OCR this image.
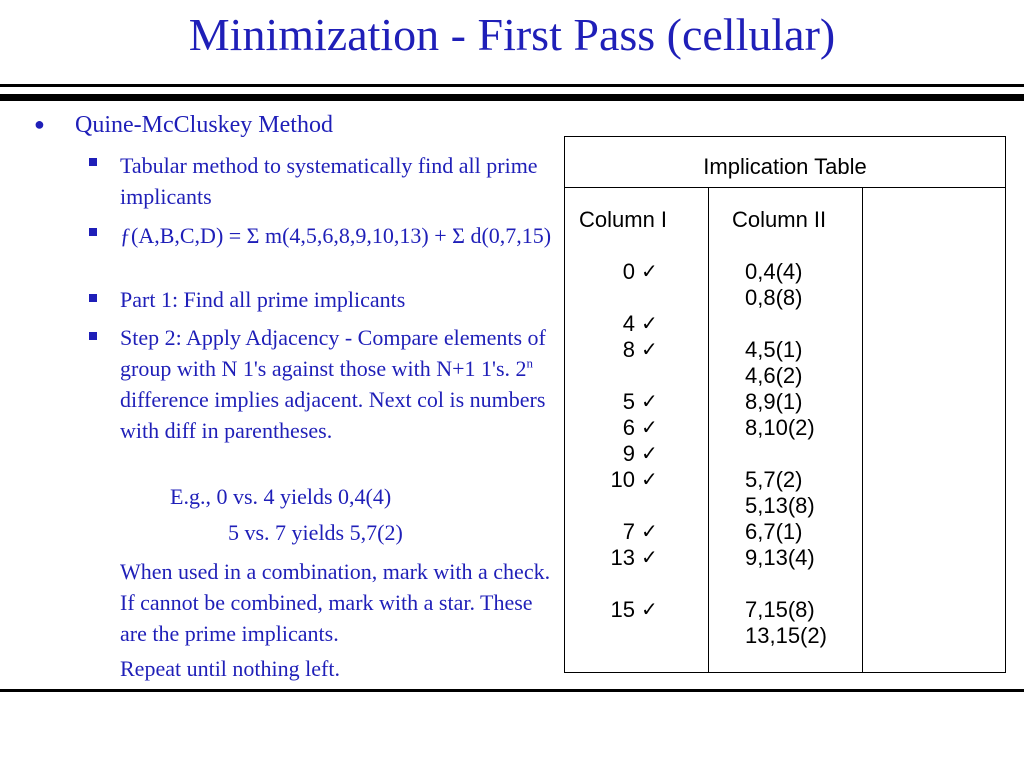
Minimization - First Pass (cellular)
● Quine-McCluskey Method
Tabular method to systematically find all prime implicants
ƒ(A,B,C,D) = Σ m(4,5,6,8,9,10,13) + Σ d(0,7,15)
Part 1: Find all prime implicants
Step 2: Apply Adjacency - Compare elements of group with N 1's against those with N+1 1's. 2$^n$ difference implies adjacent. Next col is numbers with diff in parentheses.
E.g., 0 vs. 4 yields 0,4(4)
5 vs. 7 yields 5,7(2)
When used in a combination, mark with a check. If cannot be combined, mark with a star. These are the prime implicants.
Repeat until nothing left.
Implication Table
Column I	Column II
0 ✓
4 ✓
8 ✓
5 ✓
6 ✓
9 ✓
10 ✓
7 ✓
13 ✓
15 ✓
0,4(4)
0,8(8)
4,5(1)
4,6(2)
8,9(1)
8,10(2)
5,7(2)
5,13(8)
6,7(1)
9,13(4)
7,15(8)
13,15(2)
